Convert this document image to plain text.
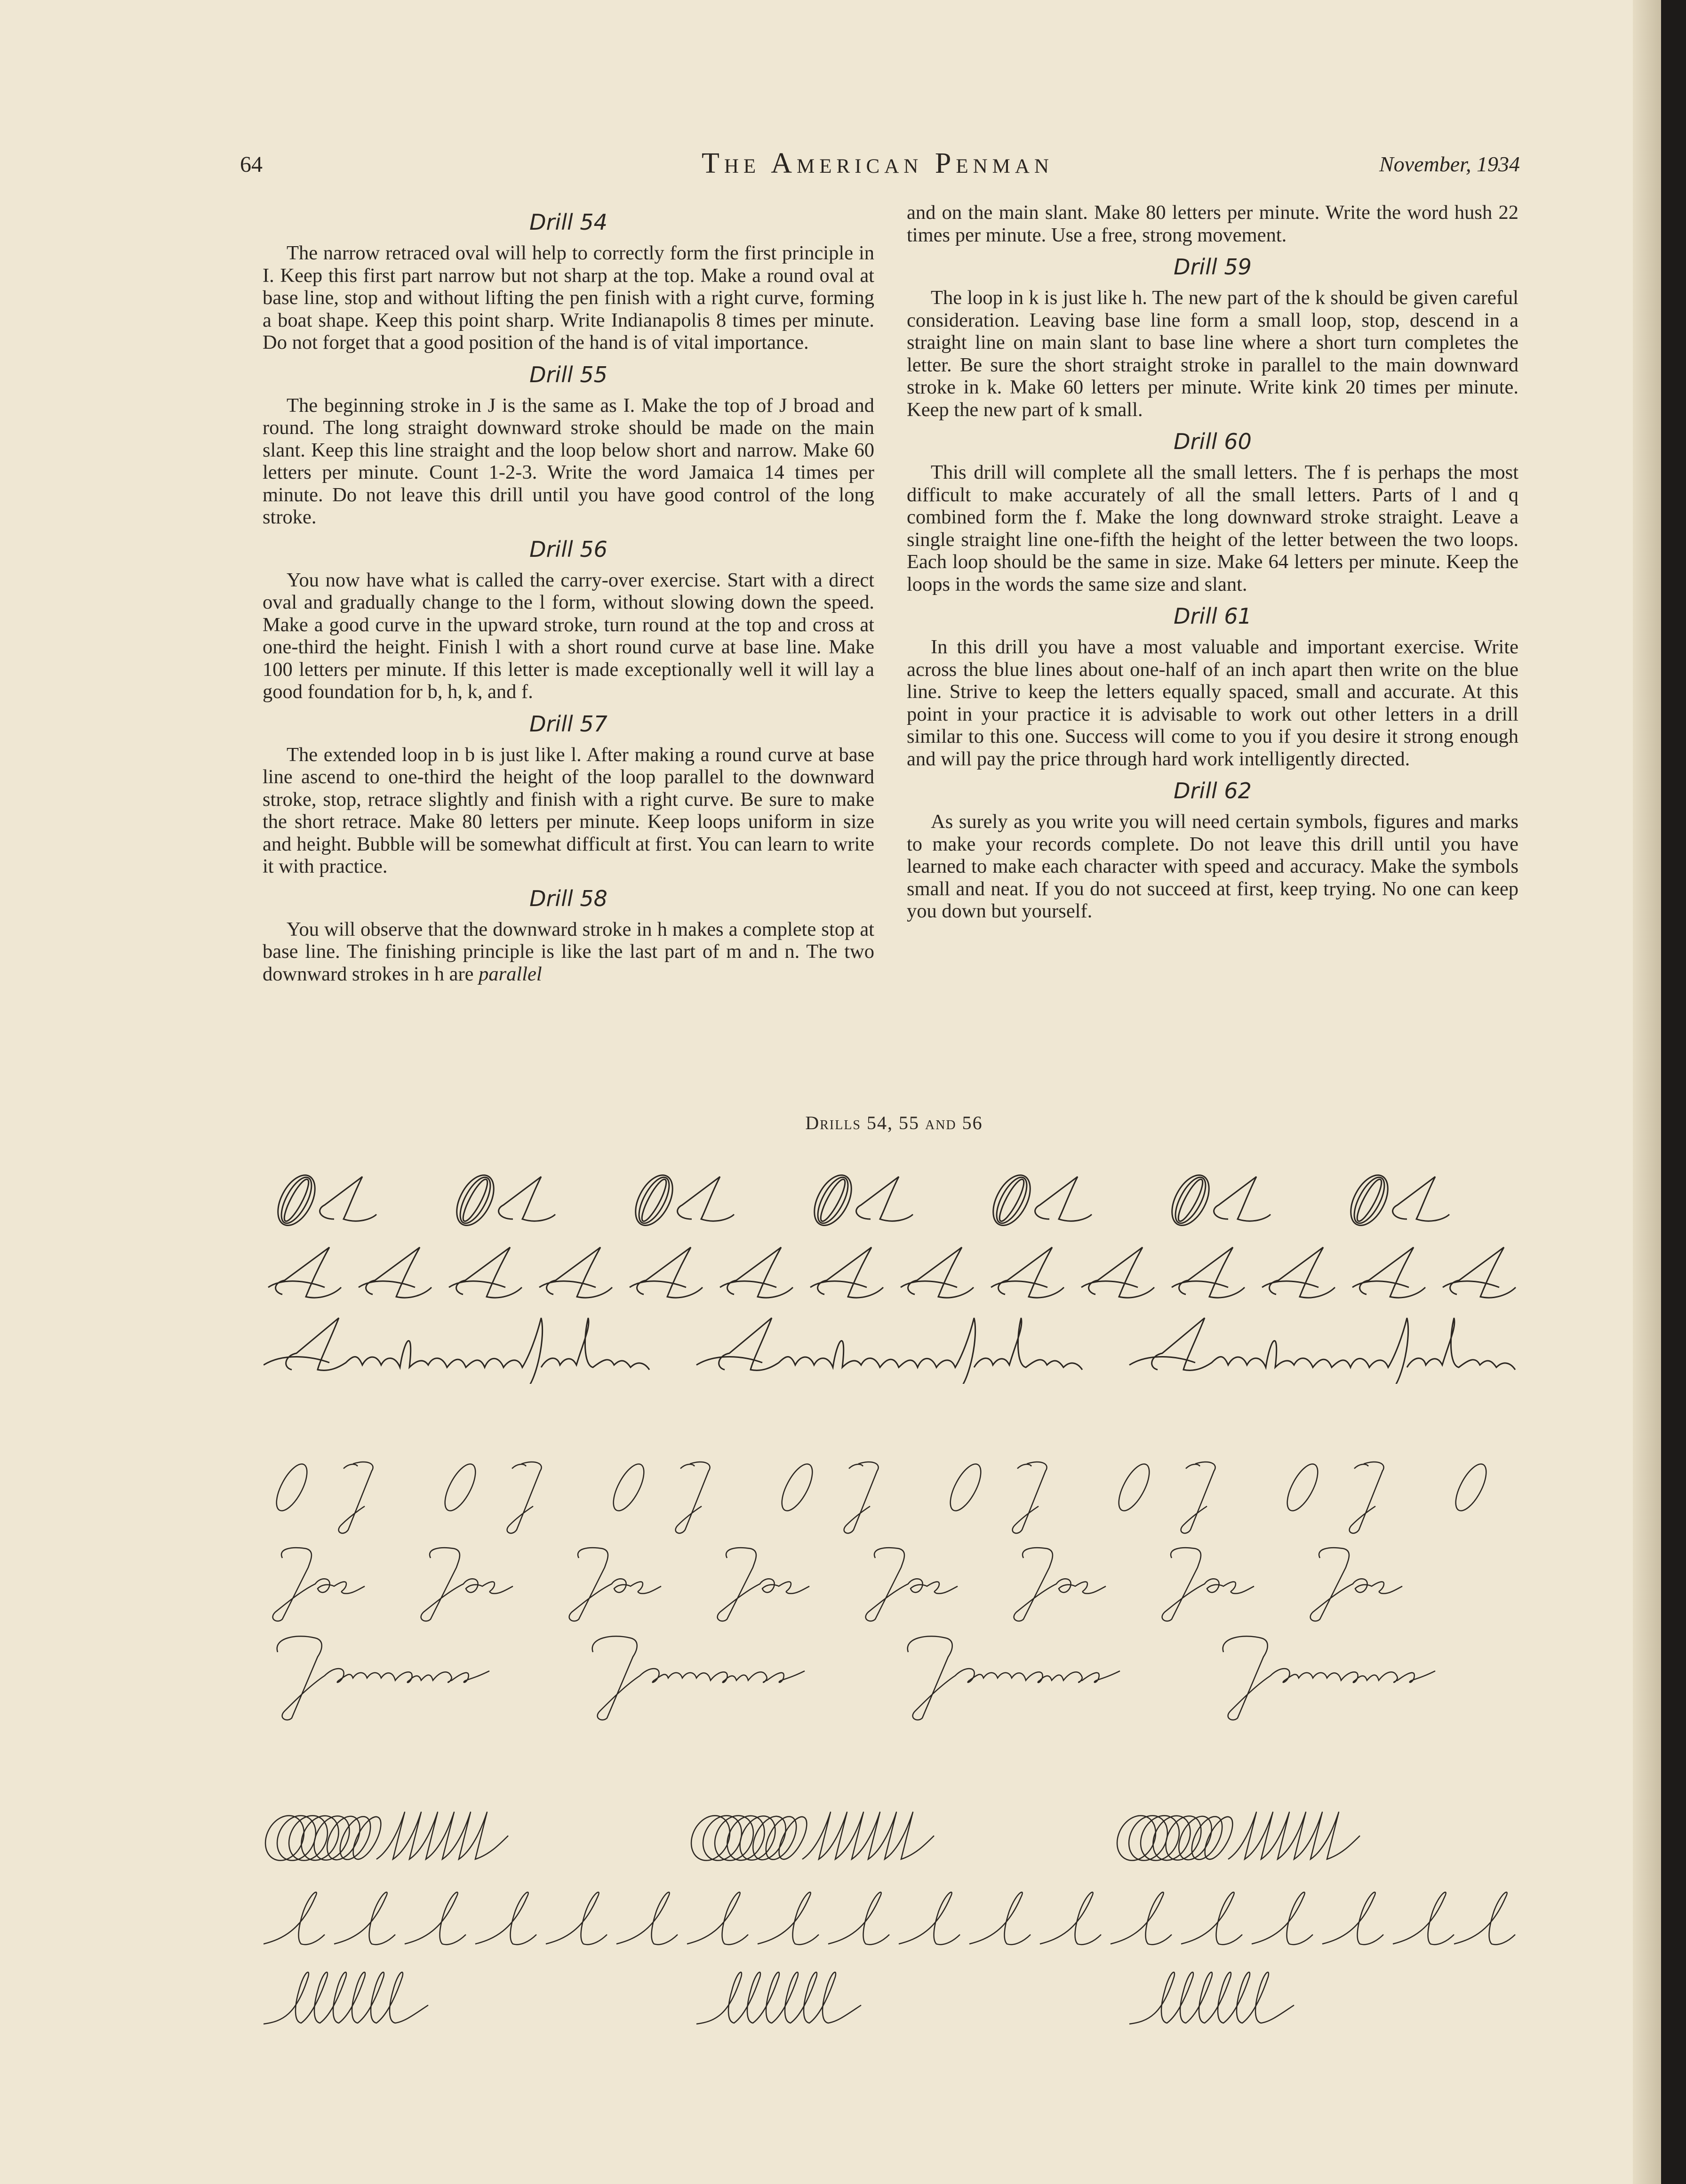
64	The American Penman	November, 1934
Drill 54

The narrow retraced oval will help to correctly form the first principle in I. Keep this first part narrow but not sharp at the top. Make a round oval at base line, stop and without lifting the pen finish with a right curve, forming a boat shape. Keep this point sharp. Write Indianapolis 8 times per minute. Do not forget that a good position of the hand is of vital importance.

Drill 55

The beginning stroke in J is the same as I. Make the top of J broad and round. The long straight downward stroke should be made on the main slant. Keep this line straight and the loop below short and narrow. Make 60 letters per minute. Count 1-2-3. Write the word Jamaica 14 times per minute. Do not leave this drill until you have good control of the long stroke.

Drill 56

You now have what is called the carry-over exercise. Start with a direct oval and gradually change to the l form, without slowing down the speed. Make a good curve in the upward stroke, turn round at the top and cross at one-third the height. Finish l with a short round curve at base line. Make 100 letters per minute. If this letter is made exceptionally well it will lay a good foundation for b, h, k, and f.

Drill 57

The extended loop in b is just like l. After making a round curve at base line ascend to one-third the height of the loop parallel to the downward stroke, stop, retrace slightly and finish with a right curve. Be sure to make the short retrace. Make 80 letters per minute. Keep loops uniform in size and height. Bubble will be somewhat difficult at first. You can learn to write it with practice.

Drill 58

You will observe that the downward stroke in h makes a complete stop at base line. The finishing principle is like the last part of m and n. The two downward strokes in h are parallel

and on the main slant. Make 80 letters per minute. Write the word hush 22 times per minute. Use a free, strong movement.

Drill 59

The loop in k is just like h. The new part of the k should be given careful consideration. Leaving base line form a small loop, stop, descend in a straight line on main slant to base line where a short turn completes the letter. Be sure the short straight stroke in parallel to the main downward stroke in k. Make 60 letters per minute. Write kink 20 times per minute. Keep the new part of k small.

Drill 60

This drill will complete all the small letters. The f is perhaps the most difficult to make accurately of all the small letters. Parts of l and q combined form the f. Make the long downward stroke straight. Leave a single straight line one-fifth the height of the letter between the two loops. Each loop should be the same in size. Make 64 letters per minute. Keep the loops in the words the same size and slant.

Drill 61

In this drill you have a most valuable and important exercise. Write across the blue lines about one-half of an inch apart then write on the blue line. Strive to keep the letters equally spaced, small and accurate. At this point in your practice it is advisable to work out other letters in a drill similar to this one. Success will come to you if you desire it strong enough and will pay the price through hard work intelligently directed.

Drill 62

As surely as you write you will need certain symbols, figures and marks to make your records complete. Do not leave this drill until you have learned to make each character with speed and accuracy. Make the symbols small and neat. If you do not succeed at first, keep trying. No one can keep you down but yourself.

Drills 54, 55 and 56
